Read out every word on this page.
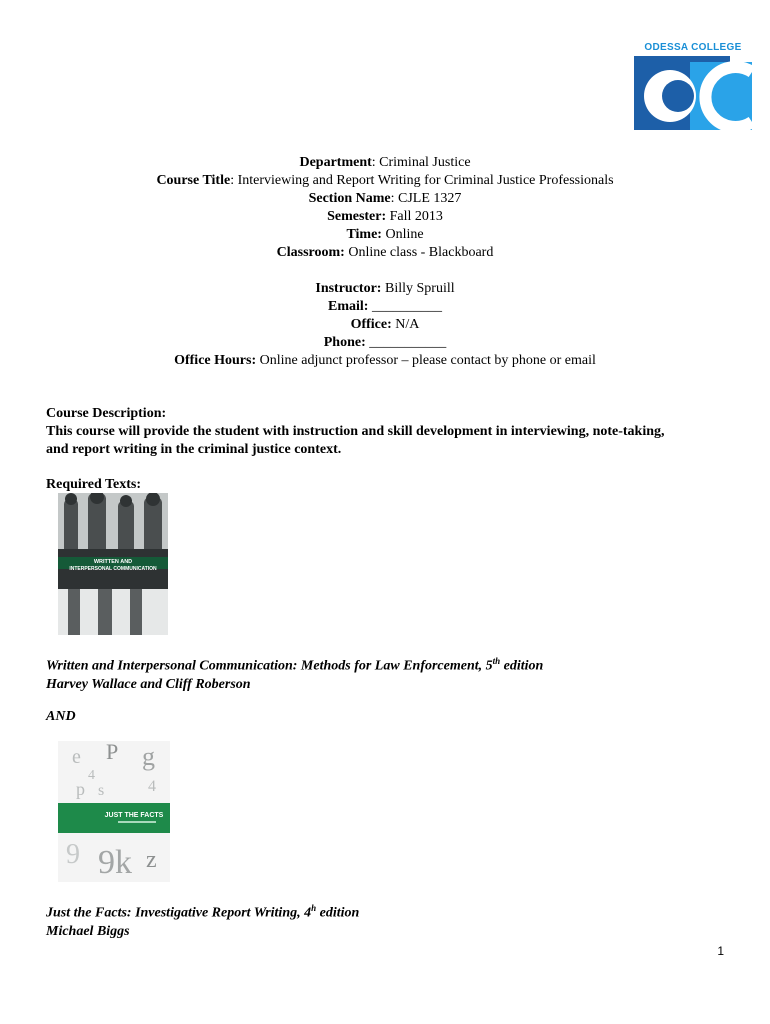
ODESSA COLLEGE
Department: Criminal Justice
Course Title: Interviewing and Report Writing for Criminal Justice Professionals
Section Name: CJLE 1327
Semester: Fall 2013
Time: Online
Classroom: Online class - Blackboard
Instructor: Billy Spruill
Email: __________
Office: N/A
Phone: ___________
Office Hours: Online adjunct professor – please contact by phone or email
Course Description:
This course will provide the student with instruction and skill development in interviewing, note-taking,
and report writing in the criminal justice context.
Required Texts:
WRITTEN AND
INTERPERSONAL COMMUNICATION
Written and Interpersonal Communication: Methods for Law Enforcement, 5th edition
Harvey Wallace and Cliff Roberson
AND
e P g
4
p s	4
9 9k z
JUST THE FACTS
Just the Facts: Investigative Report Writing, 4$^h$ edition
Michael Biggs
1
